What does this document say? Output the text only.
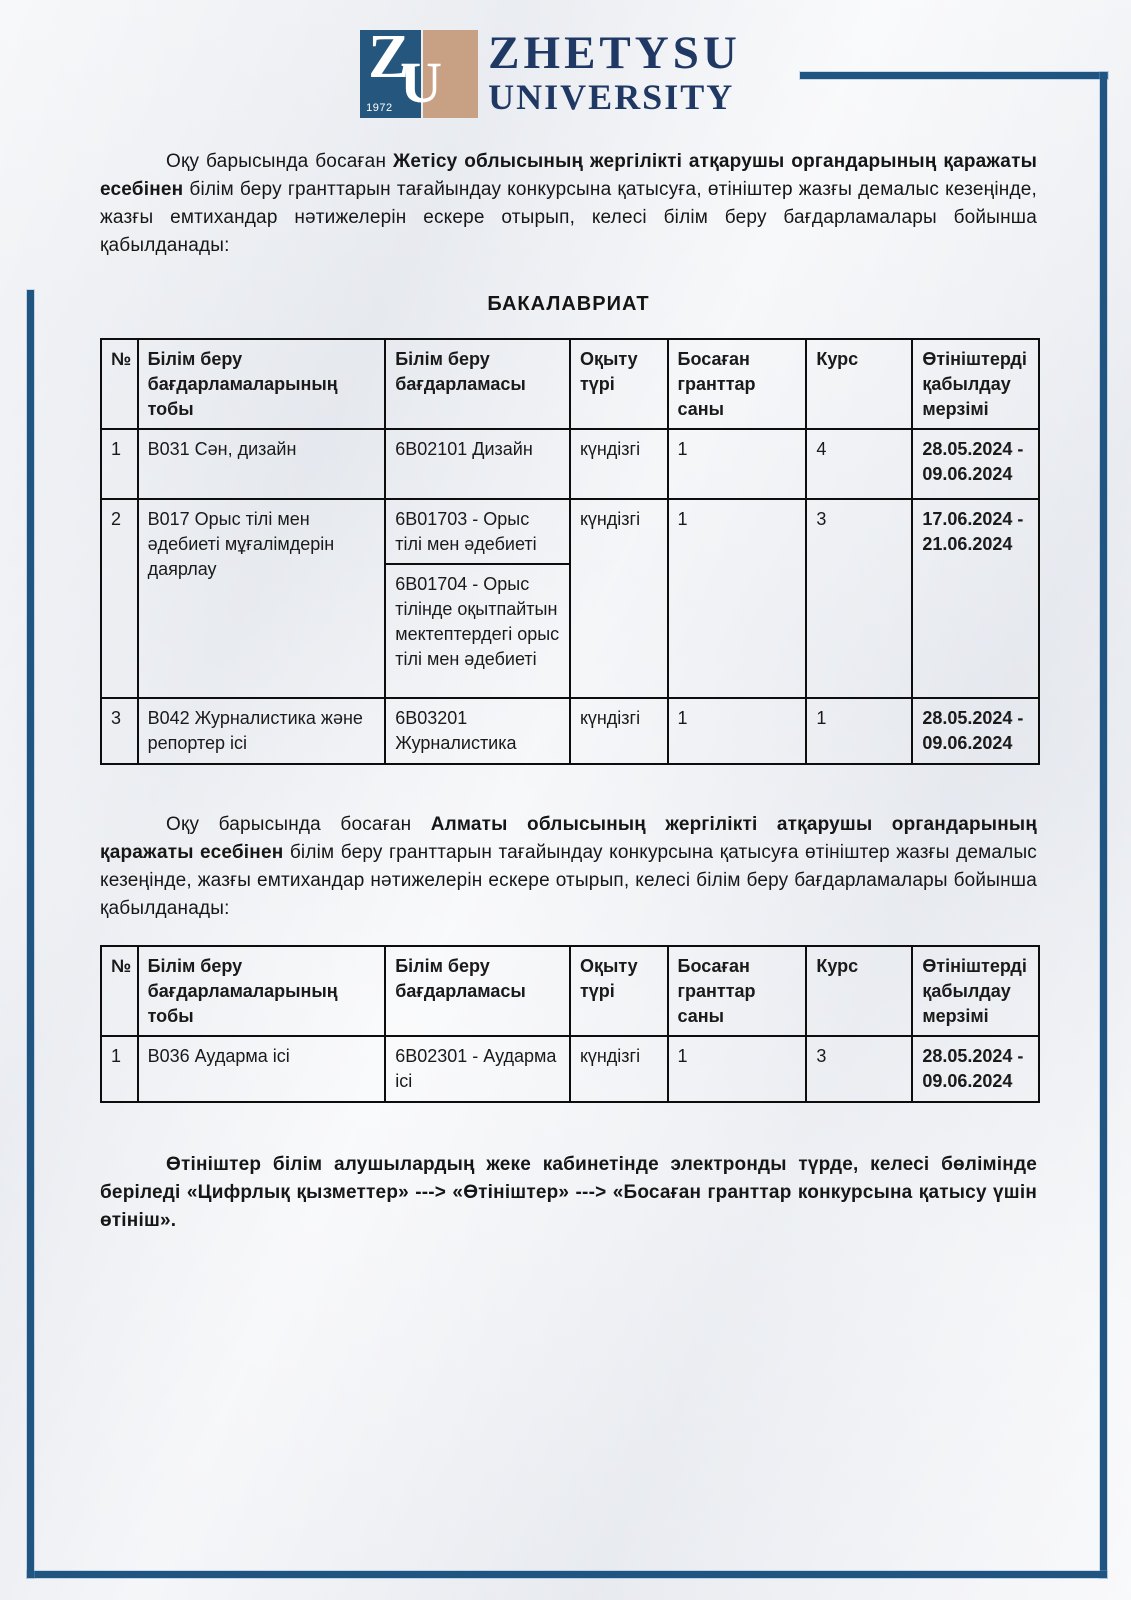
Z
U
1972
ZHETYSU
UNIVERSITY

Оқу барысында босаған Жетісу облысының жергілікті атқарушы органдарының қаражаты есебінен білім беру гранттарын тағайындау конкурсына қатысуға, өтініштер жазғы демалыс кезеңінде, жазғы емтихандар нәтижелерін ескере отырып, келесі білім беру бағдарламалары бойынша қабылданады:

БАКАЛАВРИАТ
№	Білім беру бағдарламаларының тобы	Білім беру бағдарламасы	Оқыту түрі	Босаған гранттар саны	Курс	Өтініштерді қабылдау мерзімі
1	B031 Сән, дизайн	6B02101 Дизайн	күндізгі	1	4	28.05.2024 - 09.06.2024
2	B017 Орыс тілі мен әдебиеті мұғалімдерін даярлау	6B01703 - Орыс тілі мен әдебиеті	күндізгі	1	3	17.06.2024 - 21.06.2024
		6B01704 - Орыс тілінде оқытпайтын мектептердегі орыс тілі мен әдебиеті				
3	B042 Журналистика және репортер ісі	6B03201 Журналистика	күндізгі	1	1	28.05.2024 - 09.06.2024

Оқу барысында босаған Алматы облысының жергілікті атқарушы органдарының қаражаты есебінен білім беру гранттарын тағайындау конкурсына қатысуға өтініштер жазғы демалыс кезеңінде, жазғы емтихандар нәтижелерін ескере отырып, келесі білім беру бағдарламалары бойынша қабылданады:

№	Білім беру бағдарламаларының тобы	Білім беру бағдарламасы	Оқыту түрі	Босаған гранттар саны	Курс	Өтініштерді қабылдау мерзімі
1	B036 Аударма ісі	6B02301 - Аударма ісі	күндізгі	1	3	28.05.2024 - 09.06.2024

Өтініштер білім алушылардың жеке кабинетінде электронды түрде, келесі бөлімінде беріледі «Цифрлық қызметтер» ---> «Өтініштер» ---> «Босаған гранттар конкурсына қатысу үшін өтініш».
